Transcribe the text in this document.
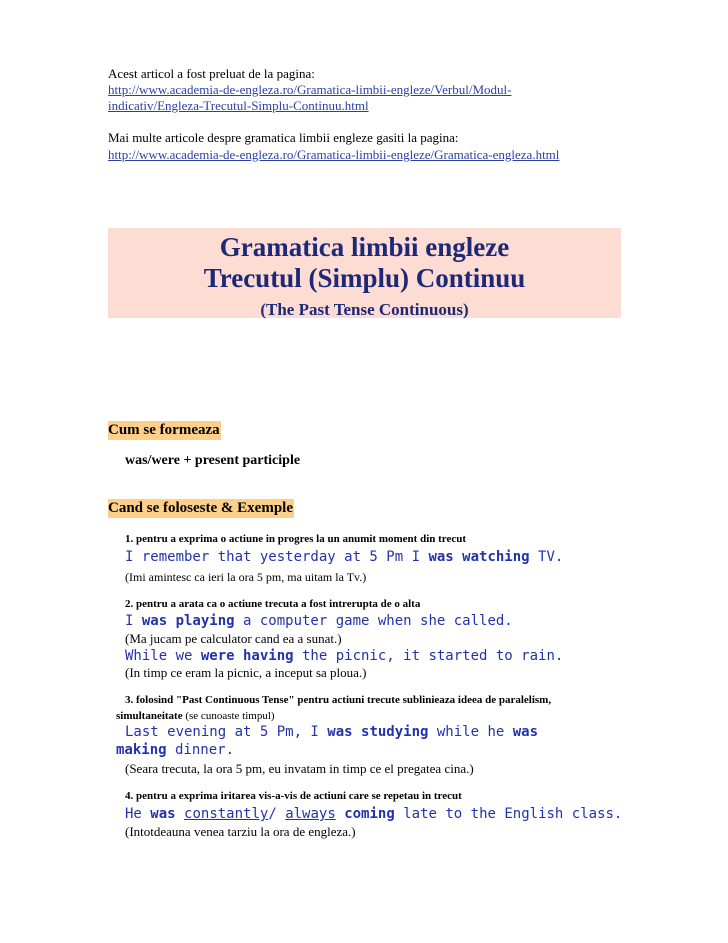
Acest articol a fost preluat de la pagina:
http://www.academia-de-engleza.ro/Gramatica-limbii-engleze/Verbul/Modul-
indicativ/Engleza-Trecutul-Simplu-Continuu.html
Mai multe articole despre gramatica limbii engleze gasiti la pagina:
http://www.academia-de-engleza.ro/Gramatica-limbii-engleze/Gramatica-engleza.html
Gramatica limbii engleze
Trecutul (Simplu) Continuu
(The Past Tense Continuous)
Cum se formeaza
was/were + present participle
Cand se foloseste & Exemple
1. pentru a exprima o actiune in progres la un anumit moment din trecut
I remember that yesterday at 5 Pm I was watching TV.
(Imi amintesc ca ieri la ora 5 pm, ma uitam la Tv.)
2. pentru a arata ca o actiune trecuta a fost intrerupta de o alta
I was playing a computer game when she called.
(Ma jucam pe calculator cand ea a sunat.)
While we were having the picnic, it started to rain.
(In timp ce eram la picnic, a inceput sa ploua.)
3. folosind "Past Continuous Tense" pentru actiuni trecute sublinieaza ideea de paralelism,
simultaneitate (se cunoaste timpul)
Last evening at 5 Pm, I was studying while he was
making dinner.
(Seara trecuta, la ora 5 pm, eu invatam in timp ce el pregatea cina.)
4. pentru a exprima iritarea vis-a-vis de actiuni care se repetau in trecut
He was constantly/ always coming late to the English class.
(Intotdeauna venea tarziu la ora de engleza.)
